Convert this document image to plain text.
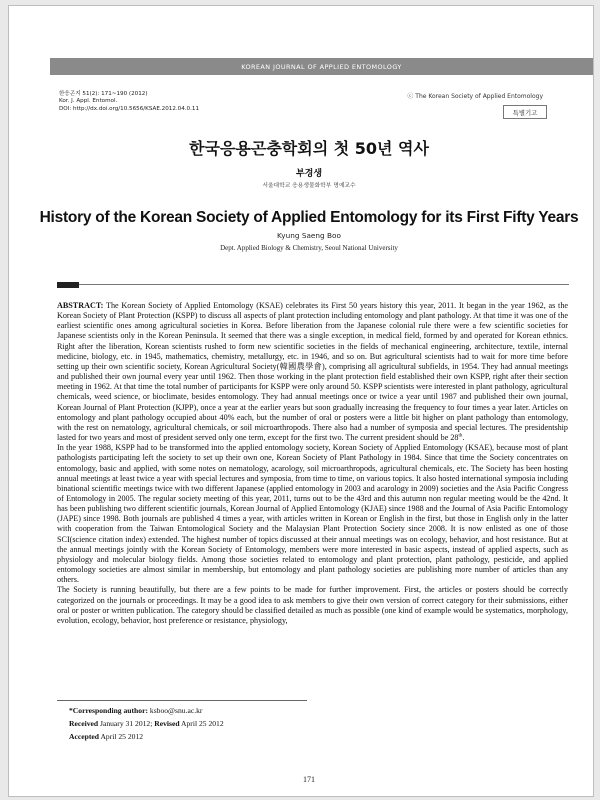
KOREAN JOURNAL OF APPLIED ENTOMOLOGY
한응곤지 51(2): 171~190 (2012)
Kor. J. Appl. Entomol.
DOI: http://dx.doi.org/10.5656/KSAE.2012.04.0.11
ⓒ The Korean Society of Applied Entomology
특별기고
한국응용곤충학회의 첫 50년 역사
부경생
서울대학교 응용생물화학부 명예교수
History of the Korean Society of Applied Entomology for its First Fifty Years
Kyung Saeng Boo
Dept. Applied Biology & Chemistry, Seoul National University

ABSTRACT: The Korean Society of Applied Entomology (KSAE) celebrates its First 50 years history this year, 2011. It began in the year 1962, as the Korean Society of Plant Protection (KSPP) to discuss all aspects of plant protection including entomology and plant pathology. At that time it was one of the earliest scientific ones among agricultural societies in Korea. Before liberation from the Japanese colonial rule there were a few scientific societies for Japanese scientists only in the Korean Peninsula. It seemed that there was a single exception, in medical field, formed by and operated for Korean ethnics. Right after the liberation, Korean scientists rushed to form new scientific societies in the fields of mechanical engineering, architecture, textile, internal medicine, biology, etc. in 1945, mathematics, chemistry, metallurgy, etc. in 1946, and so on. But agricultural scientists had to wait for more time before setting up their own scientific society, Korean Agricultural Society(韓國農學會), comprising all agricultural subfields, in 1954. They had annual meetings and published their own journal every year until 1962. Then those working in the plant protection field established their own KSPP, right after their section meeting in 1962. At that time the total number of participants for KSPP were only around 50. KSPP scientists were interested in plant pathology, agricultural chemicals, weed science, or bioclimate, besides entomology. They had annual meetings once or twice a year until 1987 and published their own journal, Korean Journal of Plant Protection (KJPP), once a year at the earlier years but soon gradually increasing the frequency to four times a year later. Articles on entomology and plant pathology occupied about 40% each, but the number of oral or posters were a little bit higher on plant pathology than entomology, with the rest on nematology, agricultural chemicals, or soil microarthropods. There also had a number of symposia and special lectures. The presidentship lasted for two years and most of president served only one term, except for the first two. The current president should be 28th.

In the year 1988, KSPP had to be transformed into the applied entomology society, Korean Society of Applied Entomology (KSAE), because most of plant pathologists participating left the society to set up their own one, Korean Society of Plant Pathology in 1984. Since that time the Society concentrates on entomology, basic and applied, with some notes on nematology, acarology, soil microarthropods, agricultural chemicals, etc. The Society has been hosting annual meetings at least twice a year with special lectures and symposia, from time to time, on various topics. It also hosted international symposia including binational scientific meetings twice with two different Japanese (applied entomology in 2003 and acarology in 2009) societies and the Asia Pacific Congress of Entomology in 2005. The regular society meeting of this year, 2011, turns out to be the 43rd and this autumn non regular meeting would be the 42nd. It has been publishing two different scientific journals, Korean Journal of Applied Entomology (KJAE) since 1988 and the Journal of Asia Pacific Entomology (JAPE) since 1998. Both journals are published 4 times a year, with articles written in Korean or English in the first, but those in English only in the latter with cooperation from the Taiwan Entomological Society and the Malaysian Plant Protection Society since 2008. It is now enlisted as one of those SCI(science citation index) extended. The highest number of topics discussed at their annual meetings was on ecology, behavior, and host resistance. But at the annual meetings jointly with the Korean Society of Entomology, members were more interested in basic aspects, instead of applied aspects, such as physiology and molecular biology fields. Among those societies related to entomology and plant protection, plant pathology, pesticide, and applied entomology societies are almost similar in membership, but entomology and plant pathology societies are publishing more number of articles than any others.

The Society is running beautifully, but there are a few points to be made for further improvement. First, the articles or posters should be correctly categorized on the journals or proceedings. It may be a good idea to ask members to give their own version of correct category for their submissions, either oral or poster or written publication. The category should be classified detailed as much as possible (one kind of example would be systematics, morphology, evolution, ecology, behavior, host preference or resistance, physiology,

*Corresponding author: ksboo@snu.ac.kr
Received January 31 2012; Revised April 25 2012
Accepted April 25 2012
171
